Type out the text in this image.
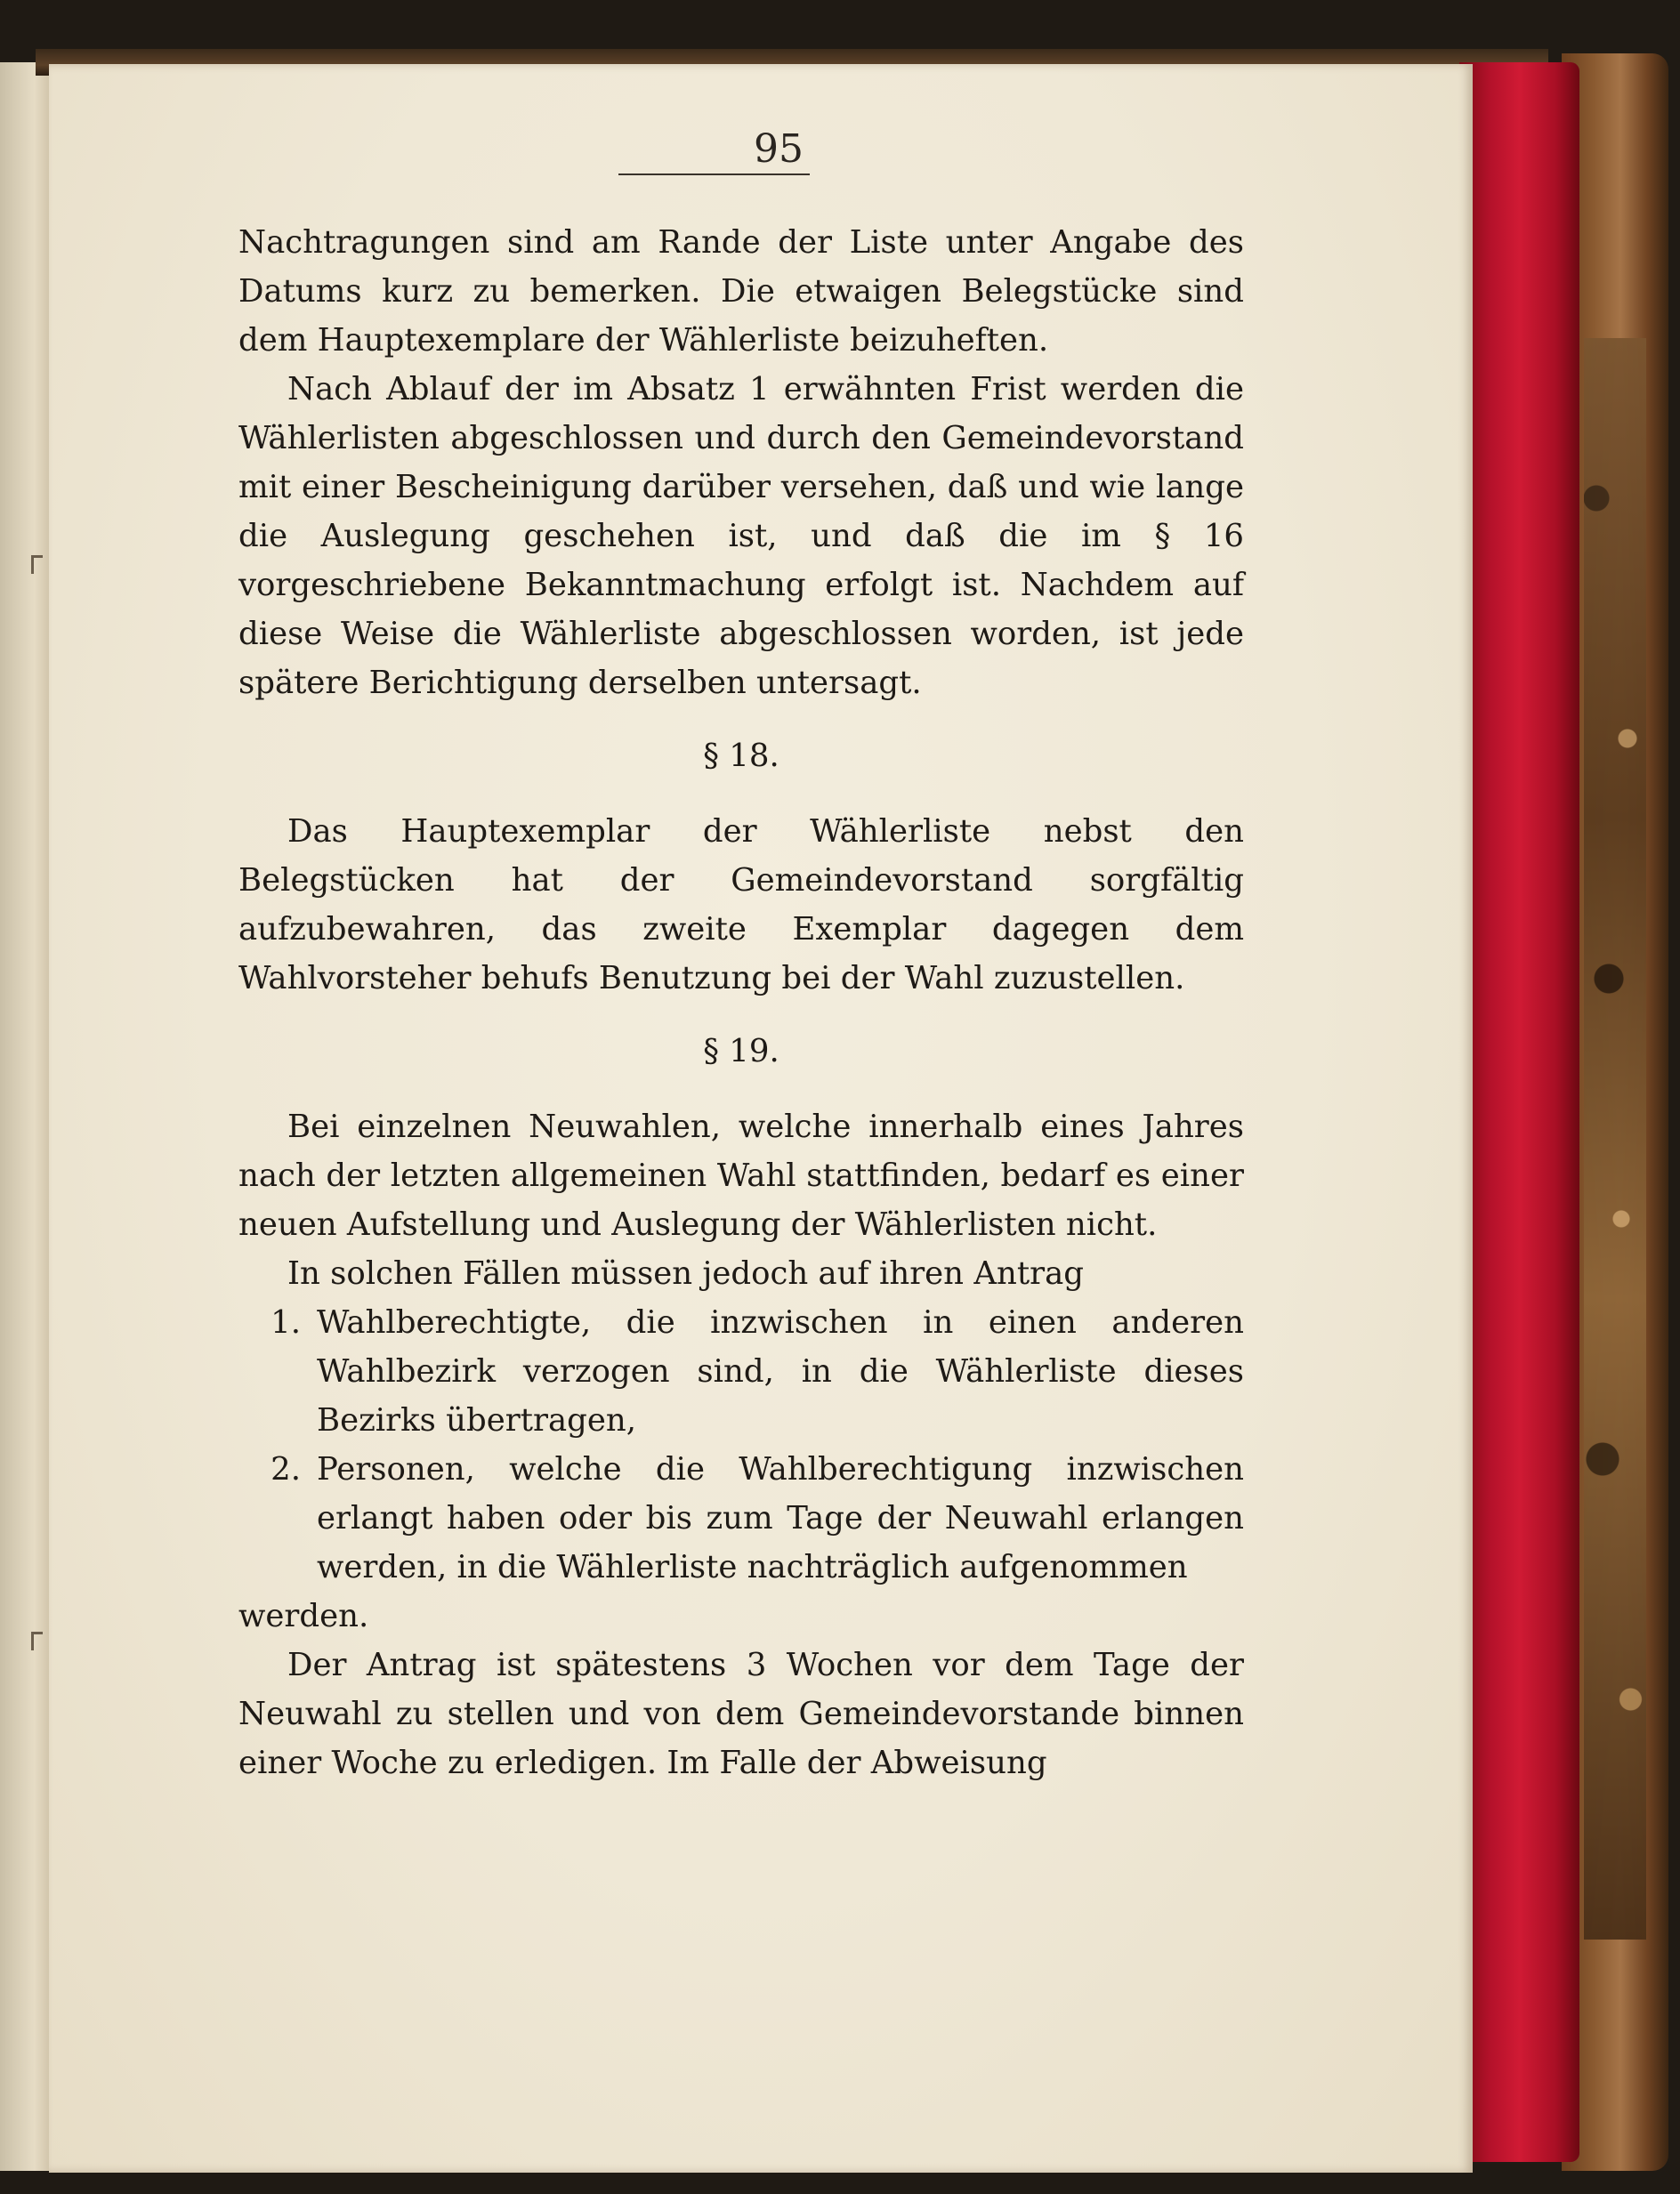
95

Nachtragungen sind am Rande der Liste unter Angabe des Datums kurz zu bemerken. Die etwaigen Belegstücke sind dem Hauptexemplare der Wählerliste beizuheften.

Nach Ablauf der im Absatz 1 erwähnten Frist werden die Wählerlisten abgeschlossen und durch den Gemeindevorstand mit einer Bescheinigung darüber versehen, daß und wie lange die Auslegung geschehen ist, und daß die im § 16 vorgeschriebene Bekanntmachung erfolgt ist. Nachdem auf diese Weise die Wählerliste abgeschlossen worden, ist jede spätere Berichtigung derselben untersagt.

§ 18.

Das Hauptexemplar der Wählerliste nebst den Belegstücken hat der Gemeindevorstand sorgfältig aufzubewahren, das zweite Exemplar dagegen dem Wahlvorsteher behufs Benutzung bei der Wahl zuzustellen.

§ 19.

Bei einzelnen Neuwahlen, welche innerhalb eines Jahres nach der letzten allgemeinen Wahl stattfinden, bedarf es einer neuen Aufstellung und Auslegung der Wählerlisten nicht.

In solchen Fällen müssen jedoch auf ihren Antrag

1. Wahlberechtigte, die inzwischen in einen anderen Wahlbezirk verzogen sind, in die Wählerliste dieses Bezirks übertragen,
2. Personen, welche die Wahlberechtigung inzwischen erlangt haben oder bis zum Tage der Neuwahl erlangen werden, in die Wählerliste nachträglich aufgenommen

werden.

Der Antrag ist spätestens 3 Wochen vor dem Tage der Neuwahl zu stellen und von dem Gemeindevorstande binnen einer Woche zu erledigen. Im Falle der Abweisung
